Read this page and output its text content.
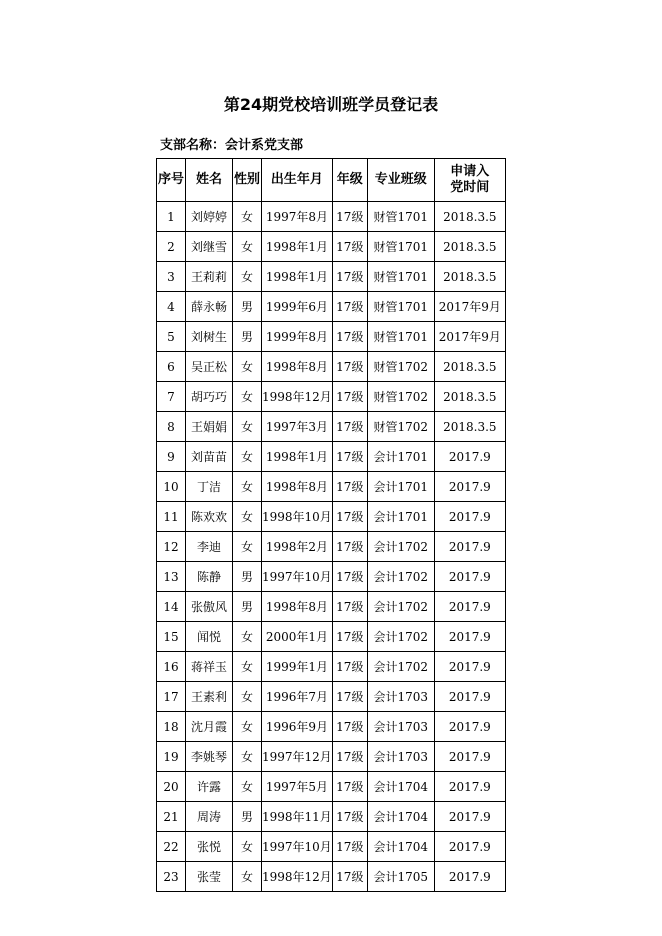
第24期党校培训班学员登记表
支部名称：会计系党支部
序号	姓名	性别	出生年月	年级	专业班级	申请入
党时间

1	刘婷婷	女	1997年8月	17级	财管1701	2018.3.5
2	刘继雪	女	1998年1月	17级	财管1701	2018.3.5
3	王莉莉	女	1998年1月	17级	财管1701	2018.3.5
4	薛永畅	男	1999年6月	17级	财管1701	2017年9月
5	刘树生	男	1999年8月	17级	财管1701	2017年9月
6	吴正松	女	1998年8月	17级	财管1702	2018.3.5
7	胡巧巧	女	1998年12月	17级	财管1702	2018.3.5
8	王娟娟	女	1997年3月	17级	财管1702	2018.3.5
9	刘苗苗	女	1998年1月	17级	会计1701	2017.9
10	丁洁	女	1998年8月	17级	会计1701	2017.9
11	陈欢欢	女	1998年10月	17级	会计1701	2017.9
12	李迪	女	1998年2月	17级	会计1702	2017.9
13	陈静	男	1997年10月	17级	会计1702	2017.9
14	张傲风	男	1998年8月	17级	会计1702	2017.9
15	闻悦	女	2000年1月	17级	会计1702	2017.9
16	蒋祥玉	女	1999年1月	17级	会计1702	2017.9
17	王素利	女	1996年7月	17级	会计1703	2017.9
18	沈月霞	女	1996年9月	17级	会计1703	2017.9
19	李姚琴	女	1997年12月	17级	会计1703	2017.9
20	许露	女	1997年5月	17级	会计1704	2017.9
21	周涛	男	1998年11月	17级	会计1704	2017.9
22	张悦	女	1997年10月	17级	会计1704	2017.9
23	张莹	女	1998年12月	17级	会计1705	2017.9
